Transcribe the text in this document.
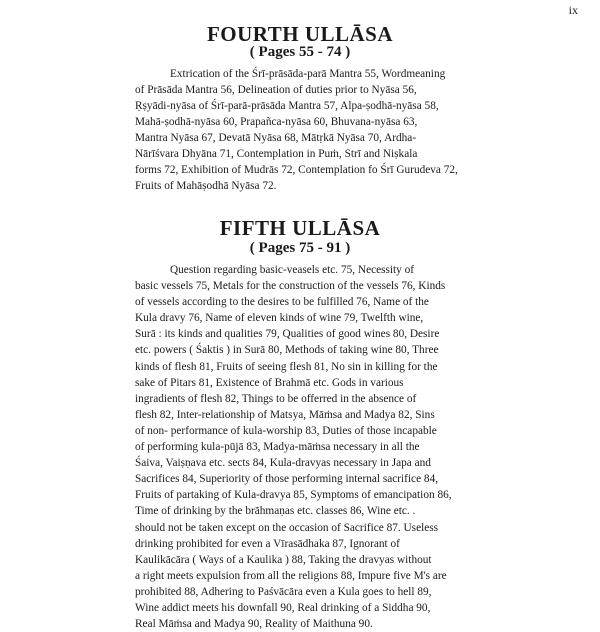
ix
FOURTH ULLĀSA
( Pages 55 - 74 )

Extrication of the Śrī-prāsāda-parā Mantra 55, Wordmeaning
of Prāsāda Mantra 56, Delineation of duties prior to Nyāsa 56,
Ṛṣyādi-nyāsa of Śrī-parā-prāsāda Mantra 57, Alpa-ṣodhā-nyāsa 58,
Mahā-ṣodhā-nyāsa 60, Prapañca-nyāsa 60, Bhuvana-nyāsa 63,
Mantra Nyāsa 67, Devatā Nyāsa 68, Mātṛkā Nyāsa 70, Ardha-
Nārīśvara Dhyāna 71, Contemplation in Puṁ, Strī and Niṣkala
forms 72, Exhibition of Mudrās 72, Contemplation fo Śrī Gurudeva 72,
Fruits of Mahāṣodhā Nyāsa 72.

FIFTH ULLĀSA
( Pages 75 - 91 )

Question regarding basic-veasels etc. 75, Necessity of
basic vessels 75, Metals for the construction of the vessels 76, Kinds
of vessels according to the desires to be fulfilled 76, Name of the
Kula dravy 76, Name of eleven kinds of wine 79, Twelfth wine,
Surā : its kinds and qualities 79, Qualities of good wines 80, Desire
etc. powers ( Śaktis ) in Surā 80, Methods of taking wine 80, Three
kinds of flesh 81, Fruits of seeing flesh 81, No sin in killing for the
sake of Pitars 81, Existence of Brahmā etc. Gods in various
ingradients of flesh 82, Things to be offerred in the absence of
flesh 82, Inter-relationship of Matsya, Māṁsa and Madya 82, Sins
of non- performance of kula-worship 83, Duties of those incapable
of performing kula-pūjā 83, Madya-māṁsa necessary in all the
Śaiva, Vaiṣṇava etc. sects 84, Kula-dravyas necessary in Japa and
Sacrifices 84, Superiority of those performing internal sacrifice 84,
Fruits of partaking of Kula-dravya 85, Symptoms of emancipation 86,
Time of drinking by the brāhmaṇas etc. classes 86, Wine etc. .
should not be taken except on the occasion of Sacrifice 87. Useless
drinking prohibited for even a Vīrasādhaka 87, Ignorant of
Kaulikācāra ( Ways of a Kaulika ) 88, Taking the dravyas without
a right meets expulsion from all the religions 88, Impure five M's are
prohibited 88, Adhering to Paśvācāra even a Kula goes to hell 89,
Wine addict meets his downfall 90, Real drinking of a Siddha 90,
Real Māṁsa and Madya 90, Reality of Maithuna 90.
